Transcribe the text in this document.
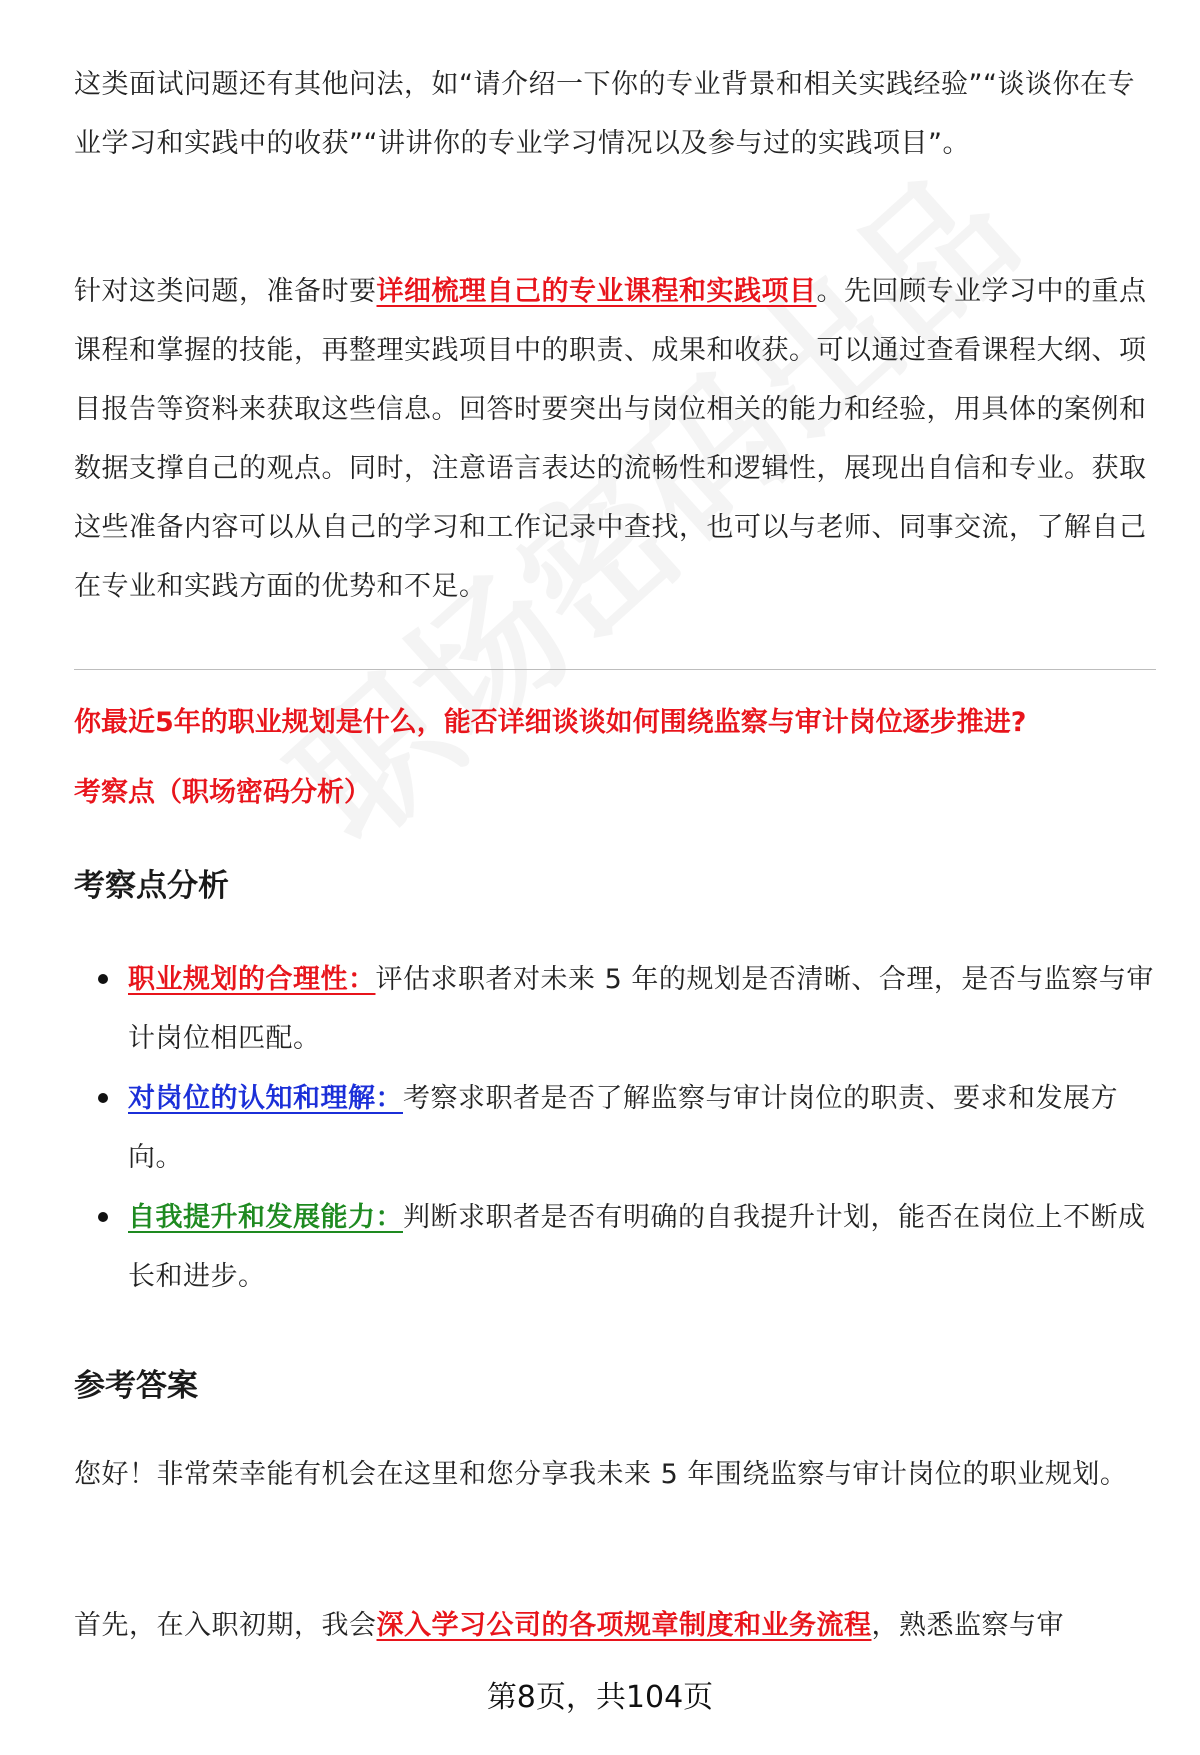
这类面试问题还有其他问法，如“请介绍一下你的专业背景和相关实践经验”“谈谈你在专业学习和实践中的收获”“讲讲你的专业学习情况以及参与过的实践项目”。

针对这类问题，准备时要详细梳理自己的专业课程和实践项目。先回顾专业学习中的重点课程和掌握的技能，再整理实践项目中的职责、成果和收获。可以通过查看课程大纲、项目报告等资料来获取这些信息。回答时要突出与岗位相关的能力和经验，用具体的案例和数据支撑自己的观点。同时，注意语言表达的流畅性和逻辑性，展现出自信和专业。获取这些准备内容可以从自己的学习和工作记录中查找，也可以与老师、同事交流，了解自己在专业和实践方面的优势和不足。

你最近5年的职业规划是什么，能否详细谈谈如何围绕监察与审计岗位逐步推进?

考察点（职场密码分析）

考察点分析
职业规划的合理性：评估求职者对未来 5 年的规划是否清晰、合理，是否与监察与审计岗位相匹配。
对岗位的认知和理解：考察求职者是否了解监察与审计岗位的职责、要求和发展方向。
自我提升和发展能力：判断求职者是否有明确的自我提升计划，能否在岗位上不断成长和进步。
参考答案

您好！非常荣幸能有机会在这里和您分享我未来 5 年围绕监察与审计岗位的职业规划。

首先，在入职初期，我会深入学习公司的各项规章制度和业务流程，熟悉监察与审

第8页，共104页
